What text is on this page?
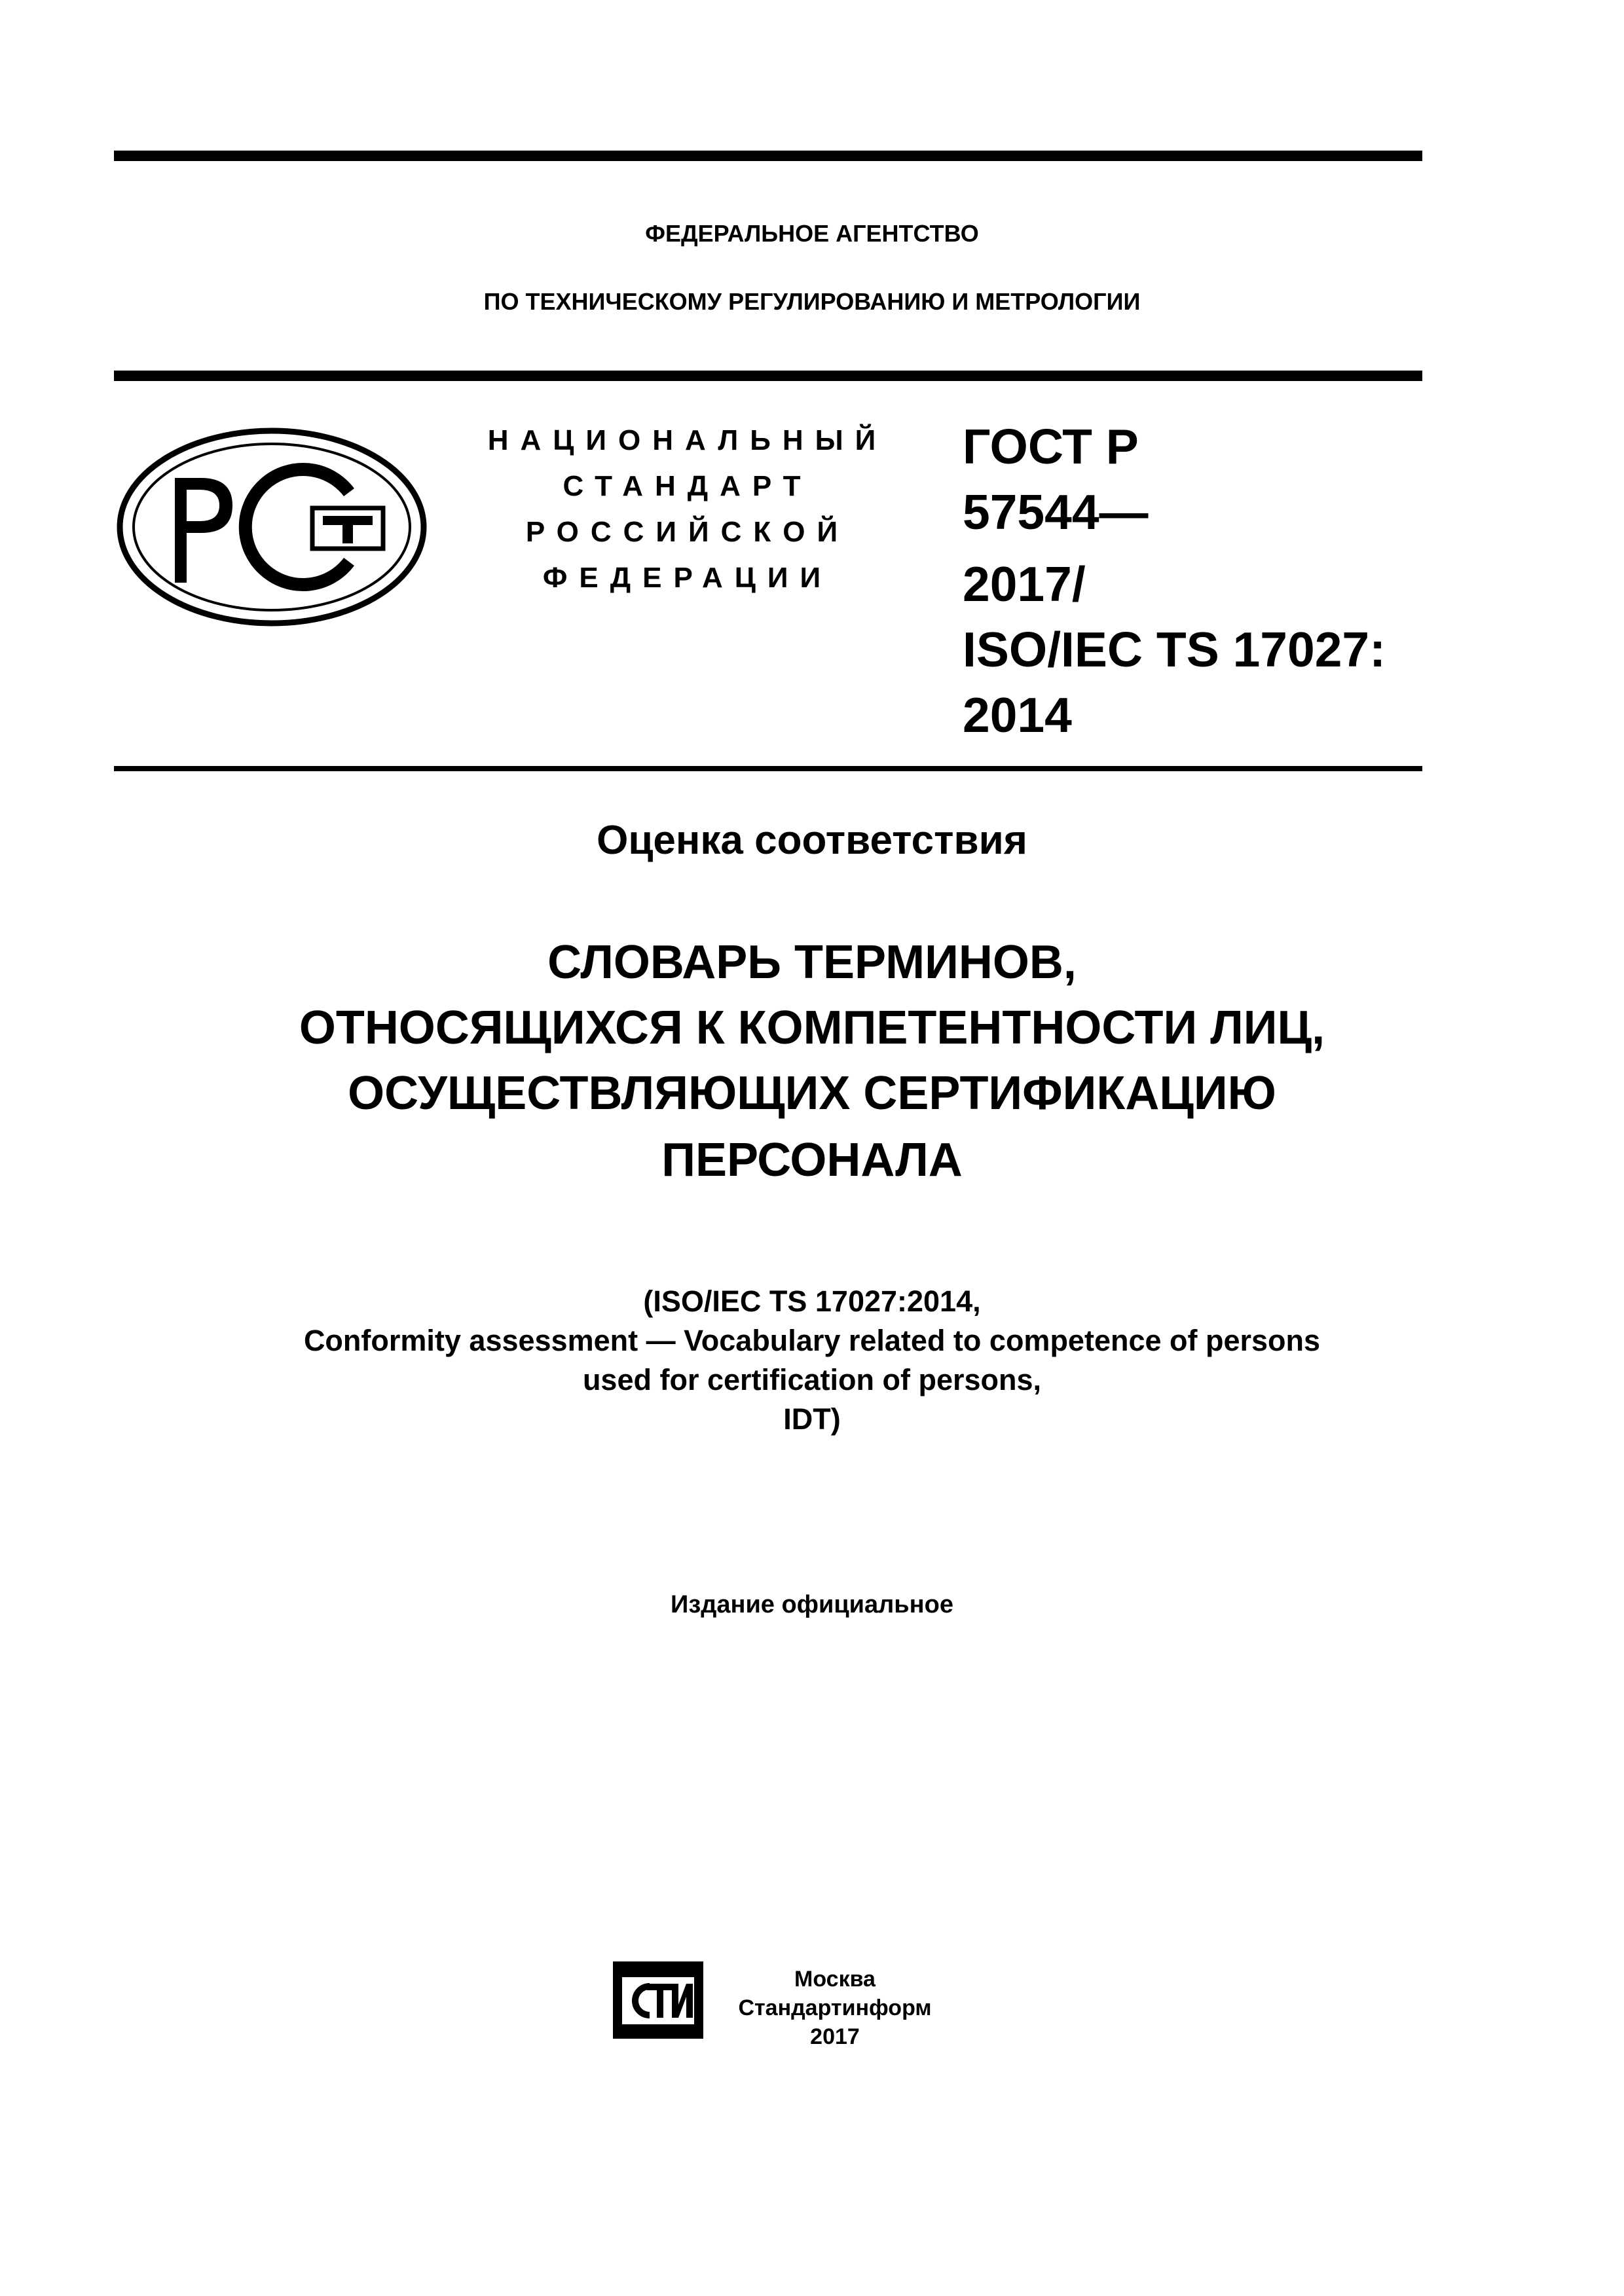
ФЕДЕРАЛЬНОЕ АГЕНТСТВО
ПО ТЕХНИЧЕСКОМУ РЕГУЛИРОВАНИЮ И МЕТРОЛОГИИ
НАЦИОНАЛЬНЫЙ
СТАНДАРТ
РОССИЙСКОЙ
ФЕДЕРАЦИИ
ГОСТ Р
57544—
2017/
ISO/IEC TS 17027:
2014
Оценка соответствия
СЛОВАРЬ ТЕРМИНОВ,
ОТНОСЯЩИХСЯ К КОМПЕТЕНТНОСТИ ЛИЦ,
ОСУЩЕСТВЛЯЮЩИХ СЕРТИФИКАЦИЮ
ПЕРСОНАЛА
(ISO/IEC TS 17027:2014,
Conformity assessment — Vocabulary related to competence of persons
used for certification of persons,
IDT)
Издание официальное
Москва
Стандартинформ
2017
